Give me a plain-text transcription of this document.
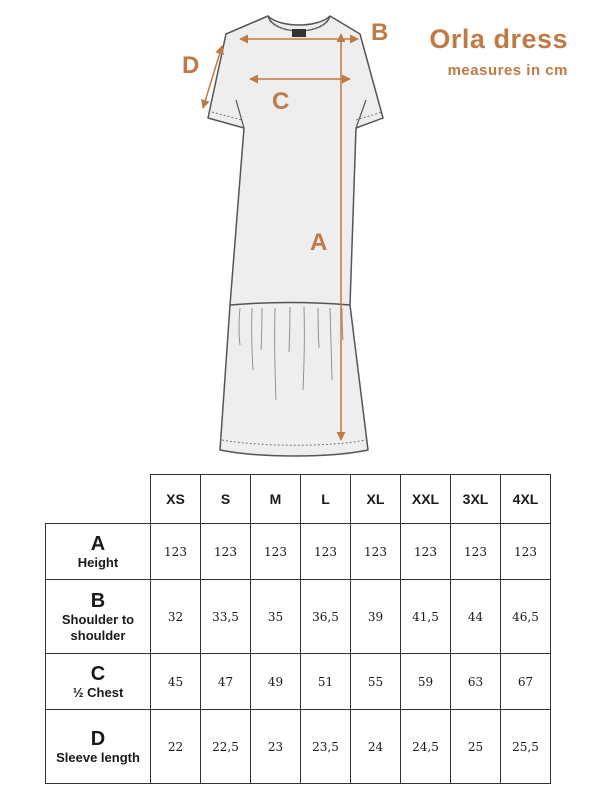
B
C
A
D
Orla dress
measures in cm
	XS	S	M	L	XL	XXL	3XL	4XL

A
Height	123	123	123	123	123	123	123	123

B
Shoulder to shoulder	32	33,5	35	36,5	39	41,5	44	46,5

C
½ Chest	45	47	49	51	55	59	63	67

D
Sleeve length	22	22,5	23	23,5	24	24,5	25	25,5
